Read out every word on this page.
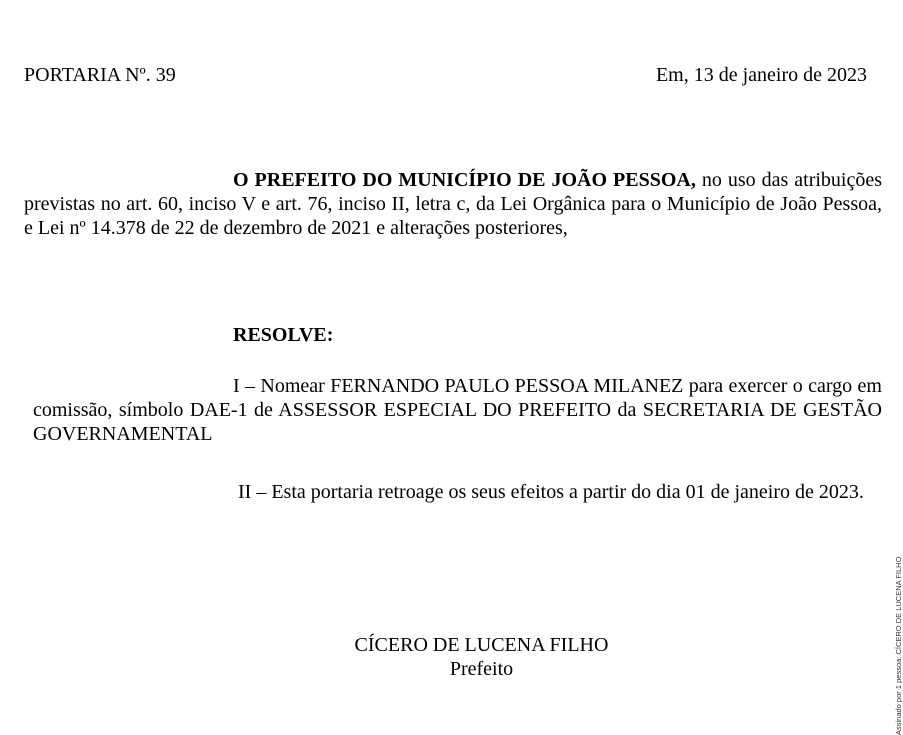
PORTARIA Nº. 39	Em, 13 de janeiro de 2023
O PREFEITO DO MUNICÍPIO DE JOÃO PESSOA, no uso das atribuições previstas no art. 60, inciso V e art. 76, inciso II, letra c, da Lei Orgânica para o Município de João Pessoa, e Lei nº 14.378 de 22 de dezembro de 2021 e alterações posteriores,
RESOLVE:
I – Nomear FERNANDO PAULO PESSOA MILANEZ para exercer o cargo em comissão, símbolo DAE-1 de ASSESSOR ESPECIAL DO PREFEITO da SECRETARIA DE GESTÃO GOVERNAMENTAL
II – Esta portaria retroage os seus efeitos a partir do dia 01 de janeiro de 2023.
CÍCERO DE LUCENA FILHO
Prefeito	Assinado por 1 pessoa: CÍCERO DE LUCENA FILHO
